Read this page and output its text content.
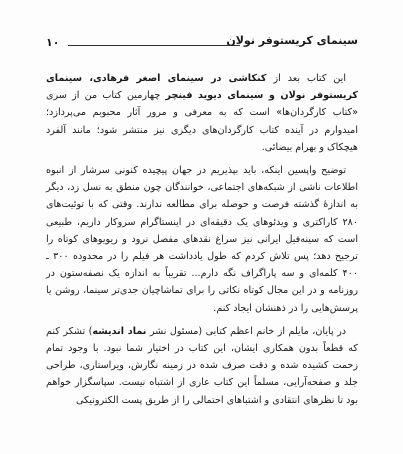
سینمای کریستوفر نولان
۱۰

این کتاب بعد از کنکاشی در سینمای اصغر فرهادی، سینمای کریستوفر نولان و سینمای دیوید فینچر چهارمین کتاب من از سری «کتاب کارگردان‌ها» است که به معرفی و مرور آثار محبوبم می‌پردازد؛ امیدوارم در آینده کتاب کارگردان‌های دیگری نیز منتشر شود؛ مانند آلفرد هیچکاک و بهرام بیضائی.

توضیح واپسین اینکه، باید بپذیریم در جهان پیچیده کنونی سرشار از انبوه اطلاعات ناشی از شبکه‌های اجتماعی، خوانندگان چون منطق به نسل زد، دیگر به اندازهٔ گذشته فرصت و حوصله برای مطالعه ندارند. وقتی که با توئیت‌های ۲۸۰ کاراکتری و ویدئوهای یک دقیقه‌ای در اینستاگرام سروکار داریم، طبیعی است که سینه‌فیل ایرانی نیز سراغ نقدهای مفصل نرود و ریویوهای کوتاه را ترجیح دهد؛ پس تلاش کردم که طول یادداشت هر فیلم را در محدوده ۳۰۰ ـ ۴۰۰ کلمه‌ای و سه پاراگراف نگه دارم... تقریباً به اندازه یک نصفه‌ستون در روزنامه و در این مجال کوتاه نکاتی را برای تماشاچیان جدی‌تر سینما، روشن یا پرسش‌هایی را در ذهنشان ایجاد کنم.

در پایان، مایلم از خانم اعظم کتابی (مسئول نشر نماد اندیشه) تشکر کنم که قطعاً بدون همکاری ایشان، این کتاب در اختیار شما نبود. با وجود تمام زحمت کشیده شده و دقت صرف شده در زمینه نگارش، ویراستاری، طراحی جلد و صفحه‌آرایی، مسلماً این کتاب عاری از اشتباه نیست. سپاسگزار خواهم بود تا نظرهای انتقادی و اشتباهای احتمالی را از طریق پست الکترونیکی
